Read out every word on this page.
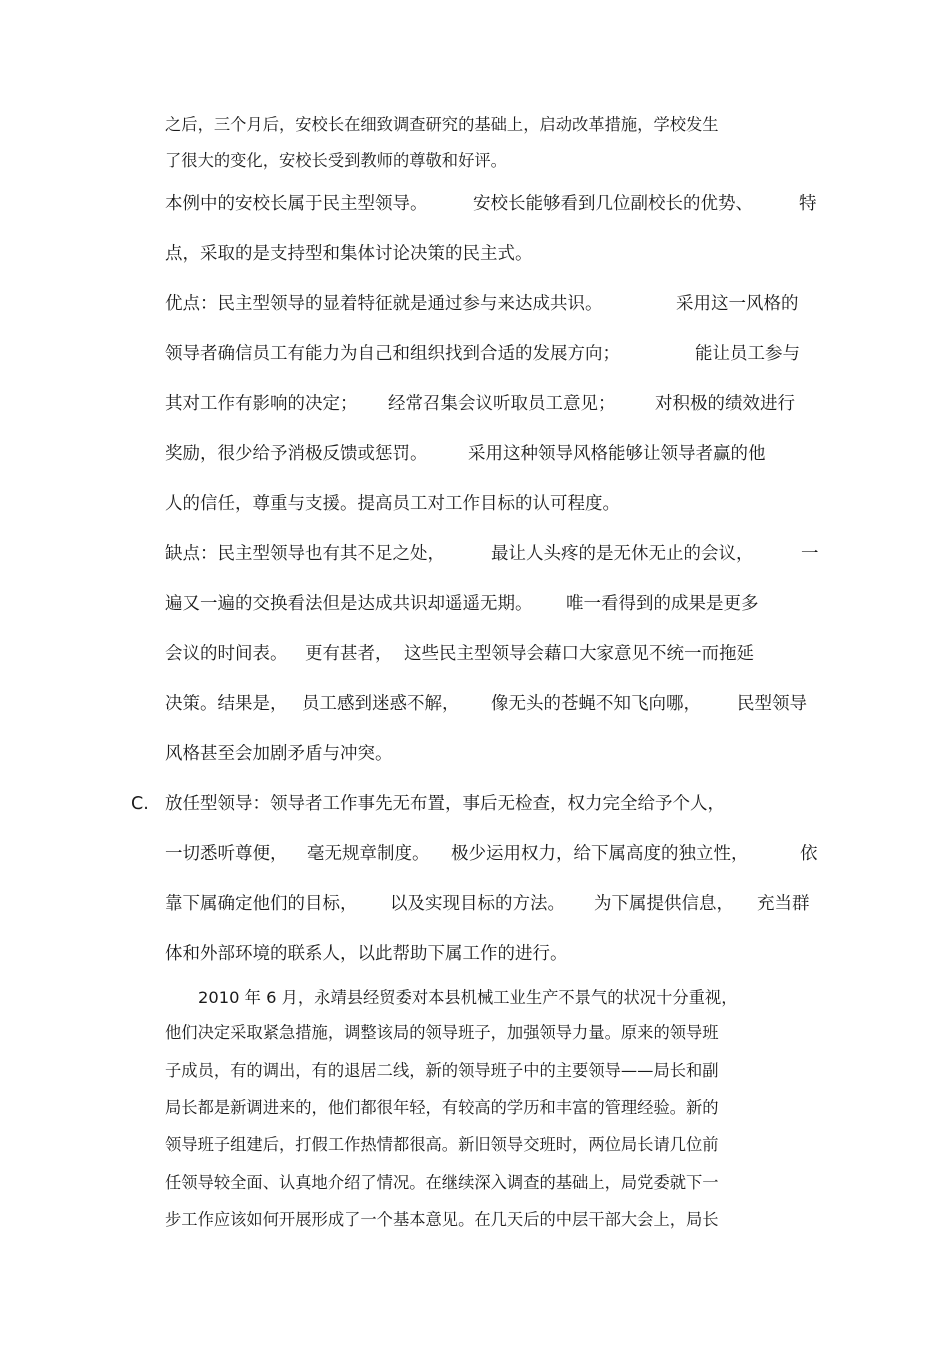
之后，三个月后，安校长在细致调查研究的基础上，启动改革措施，学校发生
了很大的变化，安校长受到教师的尊敬和好评。
本例中的安校长属于民主型领导。	安校长能够看到几位副校长的优势、	特
点，采取的是支持型和集体讨论决策的民主式。
优点：民主型领导的显着特征就是通过参与来达成共识。	采用这一风格的
领导者确信员工有能力为自己和组织找到合适的发展方向；	能让员工参与
其对工作有影响的决定； 经常召集会议听取员工意见； 对积极的绩效进行
奖励，很少给予消极反馈或惩罚。 采用这种领导风格能够让领导者赢的他
人的信任，尊重与支援。提高员工对工作目标的认可程度。
缺点：民主型领导也有其不足之处，	最让人头疼的是无休无止的会议，	一
遍又一遍的交换看法但是达成共识却遥遥无期。 唯一看得到的成果是更多
会议的时间表。 更有甚者， 这些民主型领导会藉口大家意见不统一而拖延
决策。结果是， 员工感到迷惑不解， 像无头的苍蝇不知飞向哪， 民型领导
风格甚至会加剧矛盾与冲突。
C. 放任型领导：领导者工作事先无布置，事后无检查，权力完全给予个人，
一切悉听尊便， 毫无规章制度。 极少运用权力，给下属高度的独立性，	依
靠下属确定他们的目标， 以及实现目标的方法。 为下属提供信息， 充当群
体和外部环境的联系人，以此帮助下属工作的进行。
2010 年 6 月，永靖县经贸委对本县机械工业生产不景气的状况十分重视，
他们决定采取紧急措施，调整该局的领导班子，加强领导力量。原来的领导班
子成员，有的调出，有的退居二线，新的领导班子中的主要领导——局长和副
局长都是新调进来的，他们都很年轻，有较高的学历和丰富的管理经验。新的
领导班子组建后，打假工作热情都很高。新旧领导交班时，两位局长请几位前
任领导较全面、认真地介绍了情况。在继续深入调查的基础上，局党委就下一
步工作应该如何开展形成了一个基本意见。在几天后的中层干部大会上，局长
